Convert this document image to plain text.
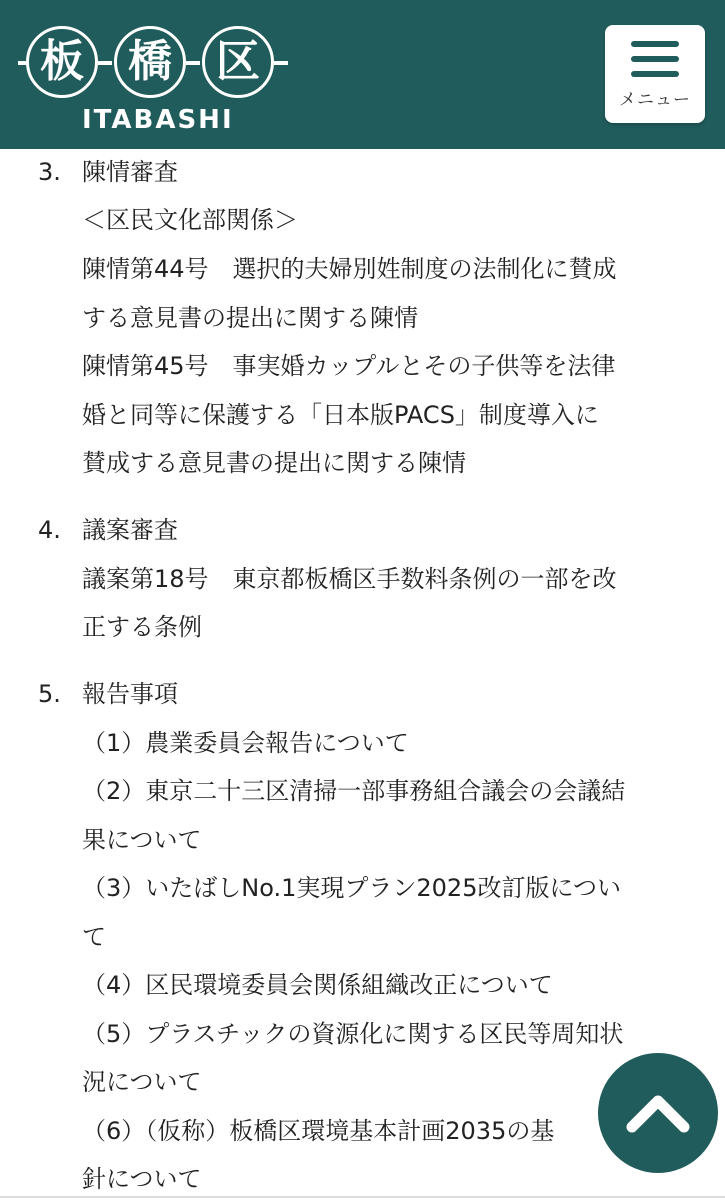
板 橋 区
ITABASHI
メニュー
3. 陳情審査
＜区民文化部関係＞
陳情第44号　選択的夫婦別姓制度の法制化に賛成
する意見書の提出に関する陳情
陳情第45号　事実婚カップルとその子供等を法律
婚と同等に保護する「日本版PACS」制度導入に
賛成する意見書の提出に関する陳情
4. 議案審査
議案第18号　東京都板橋区手数料条例の一部を改
正する条例
5. 報告事項
（1）農業委員会報告について
（2）東京二十三区清掃一部事務組合議会の会議結
果について
（3）いたばしNo.1実現プラン2025改訂版につい
て
（4）区民環境委員会関係組織改正について
（5）プラスチックの資源化に関する区民等周知状
況について
（6）（仮称）板橋区環境基本計画2035の基
針について
